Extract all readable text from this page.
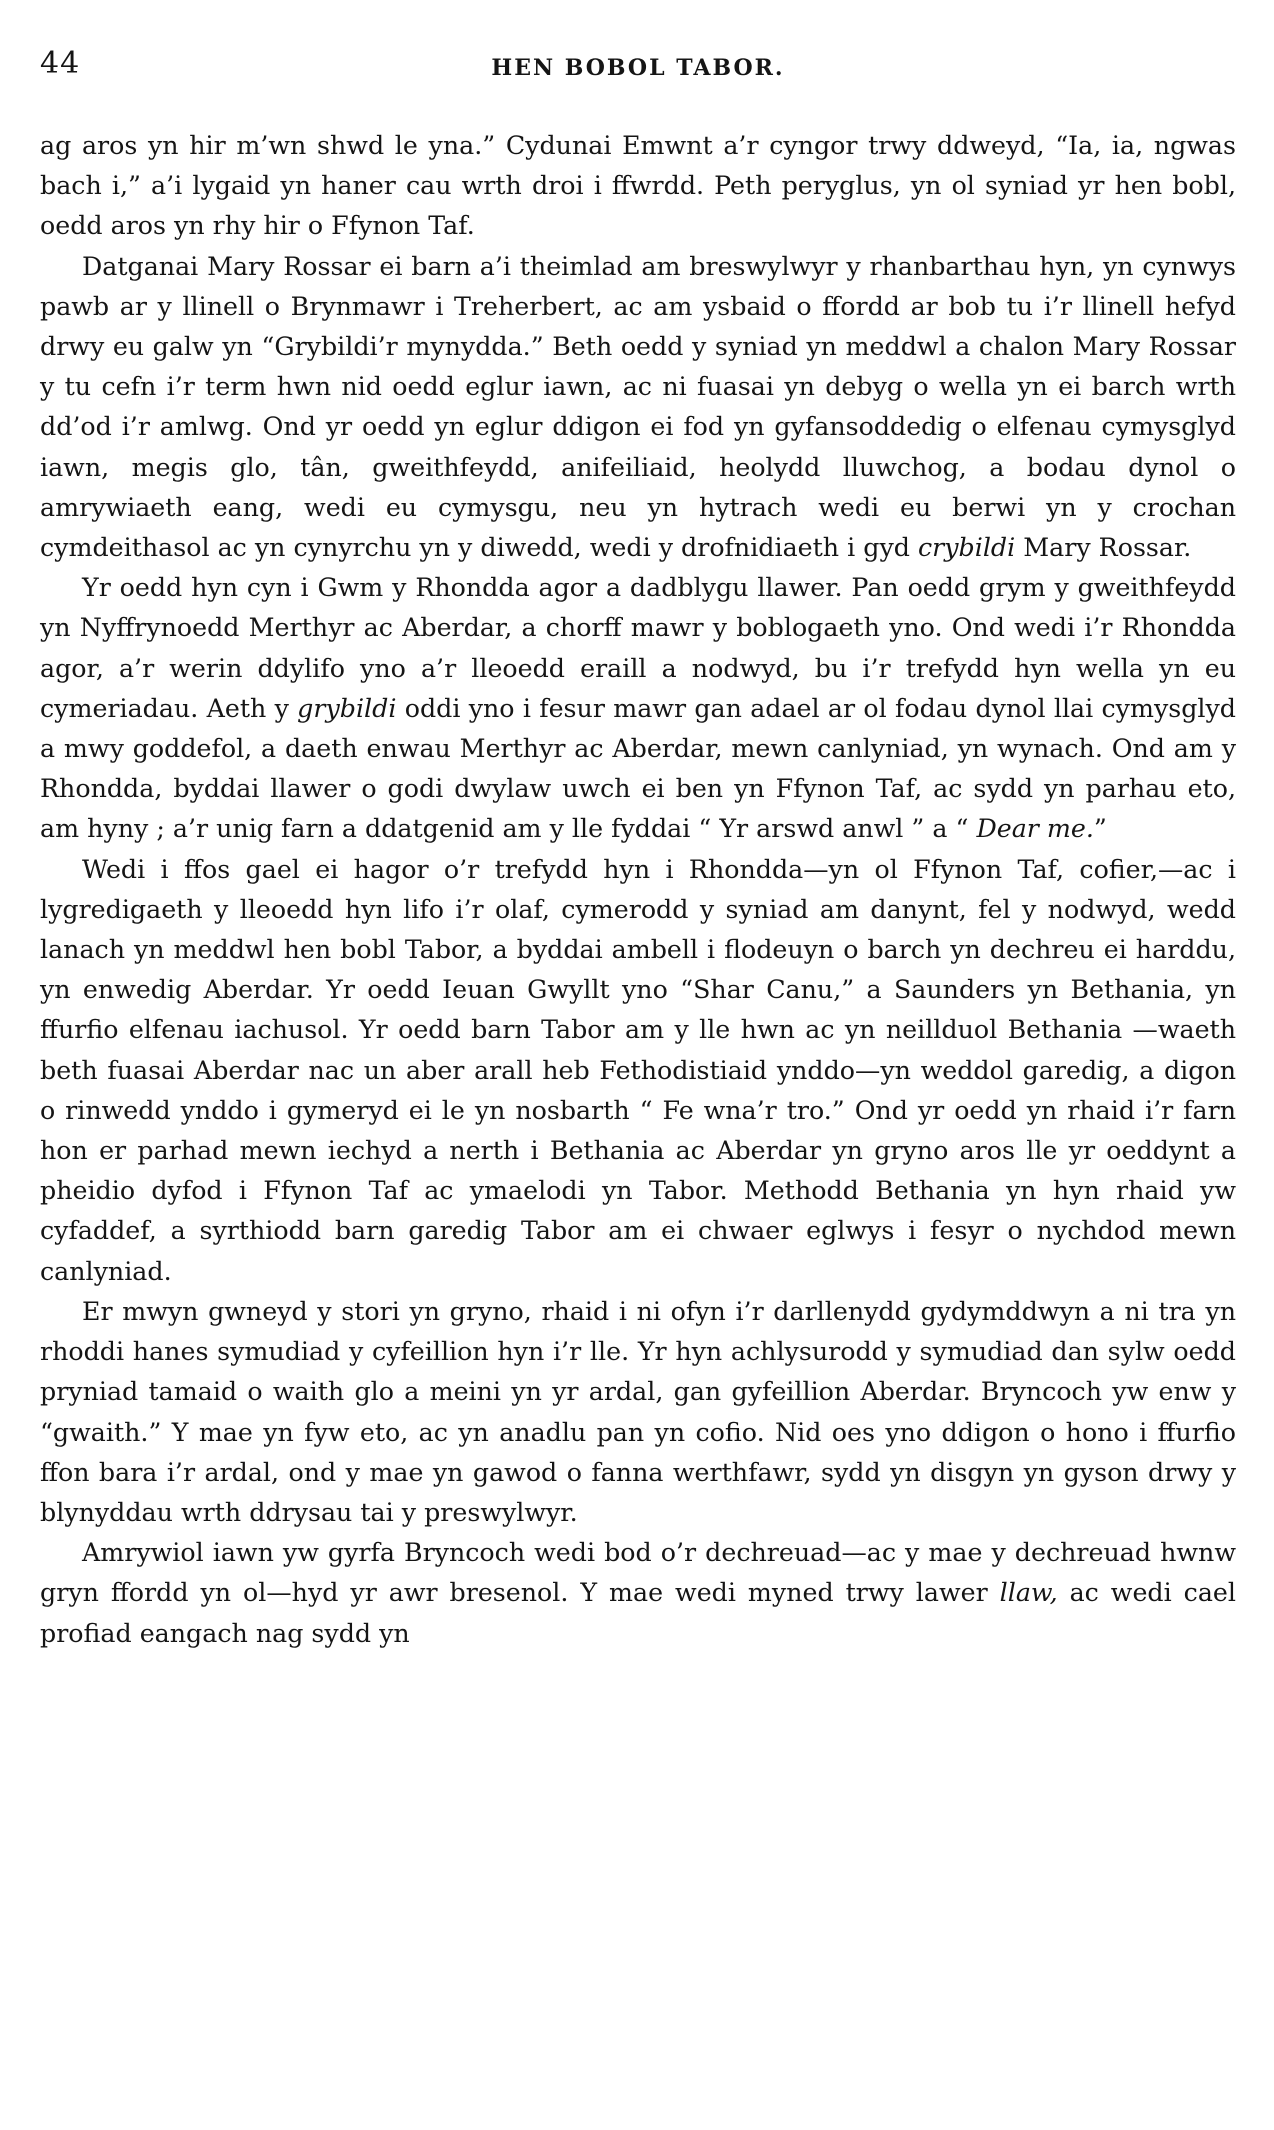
44	HEN BOBOL TABOR.

ag aros yn hir m’wn shwd le yna.” Cydunai Emwnt a’r cyngor trwy ddweyd, “Ia, ia, ngwas bach i,” a’i lygaid yn haner cau wrth droi i ffwrdd. Peth peryglus, yn ol syniad yr hen bobl, oedd aros yn rhy hir o Ffynon Taf.

Datganai Mary Rossar ei barn a’i theimlad am breswylwyr y rhanbarthau hyn, yn cynwys pawb ar y llinell o Brynmawr i Treherbert, ac am ysbaid o ffordd ar bob tu i’r llinell hefyd drwy eu galw yn “Grybildi’r mynydda.” Beth oedd y syniad yn meddwl a chalon Mary Rossar y tu cefn i’r term hwn nid oedd eglur iawn, ac ni fuasai yn debyg o wella yn ei barch wrth dd’od i’r amlwg. Ond yr oedd yn eglur ddigon ei fod yn gyfansoddedig o elfenau cymysglyd iawn, megis glo, tân, gweithfeydd, anifeiliaid, heolydd lluwchog, a bodau dynol o amrywiaeth eang, wedi eu cymysgu, neu yn hytrach wedi eu berwi yn y crochan cymdeithasol ac yn cynyrchu yn y diwedd, wedi y drofnidiaeth i gyd crybildi Mary Rossar.

Yr oedd hyn cyn i Gwm y Rhondda agor a dadblygu llawer. Pan oedd grym y gweithfeydd yn Nyffrynoedd Merthyr ac Aberdar, a chorff mawr y boblogaeth yno. Ond wedi i’r Rhondda agor, a’r werin ddylifo yno a’r lleoedd eraill a nodwyd, bu i’r trefydd hyn wella yn eu cymeriadau. Aeth y grybildi oddi yno i fesur mawr gan adael ar ol fodau dynol llai cymysglyd a mwy goddefol, a daeth enwau Merthyr ac Aberdar, mewn canlyniad, yn wynach. Ond am y Rhondda, byddai llawer o godi dwylaw uwch ei ben yn Ffynon Taf, ac sydd yn parhau eto, am hyny ; a’r unig farn a ddatgenid am y lle fyddai “ Yr arswd anwl ” a “ Dear me.”

Wedi i ffos gael ei hagor o’r trefydd hyn i Rhondda—yn ol Ffynon Taf, cofier,—ac i lygredigaeth y lleoedd hyn lifo i’r olaf, cymerodd y syniad am danynt, fel y nodwyd, wedd lanach yn meddwl hen bobl Tabor, a byddai ambell i flodeuyn o barch yn dechreu ei harddu, yn enwedig Aberdar. Yr oedd Ieuan Gwyllt yno “Shar Canu,” a Saunders yn Bethania, yn ffurfio elfenau iachusol. Yr oedd barn Tabor am y lle hwn ac yn neillduol Bethania —waeth beth fuasai Aberdar nac un aber arall heb Fethodistiaid ynddo—yn weddol garedig, a digon o rinwedd ynddo i gymeryd ei le yn nosbarth “ Fe wna’r tro.” Ond yr oedd yn rhaid i’r farn hon er parhad mewn iechyd a nerth i Bethania ac Aberdar yn gryno aros lle yr oeddynt a pheidio dyfod i Ffynon Taf ac ymaelodi yn Tabor. Methodd Bethania yn hyn rhaid yw cyfaddef, a syrthiodd barn garedig Tabor am ei chwaer eglwys i fesyr o nychdod mewn canlyniad.

Er mwyn gwneyd y stori yn gryno, rhaid i ni ofyn i’r darllenydd gydymddwyn a ni tra yn rhoddi hanes symudiad y cyfeillion hyn i’r lle. Yr hyn achlysurodd y symudiad dan sylw oedd pryniad tamaid o waith glo a meini yn yr ardal, gan gyfeillion Aberdar. Bryncoch yw enw y “gwaith.” Y mae yn fyw eto, ac yn anadlu pan yn cofio. Nid oes yno ddigon o hono i ffurfio ffon bara i’r ardal, ond y mae yn gawod o fanna werthfawr, sydd yn disgyn yn gyson drwy y blynyddau wrth ddrysau tai y preswylwyr.

Amrywiol iawn yw gyrfa Bryncoch wedi bod o’r dechreuad—ac y mae y dechreuad hwnw gryn ffordd yn ol—hyd yr awr bresenol. Y mae wedi myned trwy lawer llaw, ac wedi cael profiad eangach nag sydd yn
